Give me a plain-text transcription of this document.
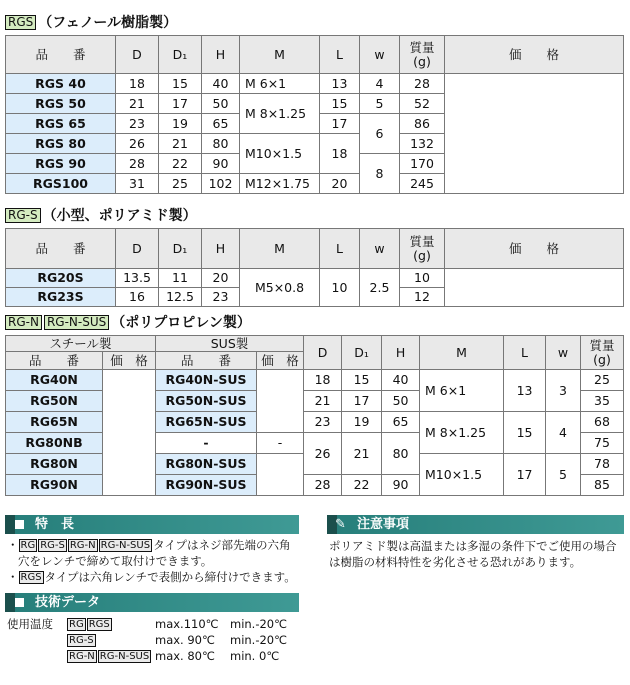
RGS （フェノール樹脂製）
品　　番	D	D₁	H	M	L	w	質量
(g)	価　　格
RGS 40	18	15	40	M 6×1	13	4	28	
RGS 50	21	17	50	M 8×1.25	15	5	52	
RGS 65	23	19	65		17	6	86	
RGS 80	26	21	80	M10×1.5	18		132	
RGS 90	28	22	90			8	170	
RGS100	31	25	102	M12×1.75	20		245	
RG-S （小型、ポリアミド製）
品　　番	D	D₁	H	M	L	w	質量
(g)	価　　格
RG20S	13.5	11	20	M5×0.8	10	2.5	10	
RG23S	16	12.5	23				12	
RG-N RG-N-SUS （ポリプロピレン製）
スチール製		SUS製		D	D₁	H	M	L	w	質量
(g)
品　　番	価　格	品　　番	価　格							
RG40N		RG40N-SUS		18	15	40	M 6×1	13	3	25
RG50N		RG50N-SUS		21	17	50				35
RG65N		RG65N-SUS		23	19	65	M 8×1.25	15	4	68
RG80NB		-	-	26	21	80				75
RG80N		RG80N-SUS					M10×1.5	17	5	78
RG90N		RG90N-SUS		28	22	90				85
特　長
・ RG RG-S RG-N RG-N-SUS タイプはネジ部先端の六角
穴をレンチで締めて取付けできます。
・ RGS タイプは六角レンチで表側から締付けできます。
✎ 注意事項
ポリアミド製は高温または多湿の条件下でご使用の場合
は樹脂の材料特性を劣化させる恐れがあります。
技術データ
使用温度 RG RGS	max.110℃ min.-20℃
RG-S	max. 90℃ min.-20℃
RG-N RG-N-SUS max. 80℃ min. 0℃
